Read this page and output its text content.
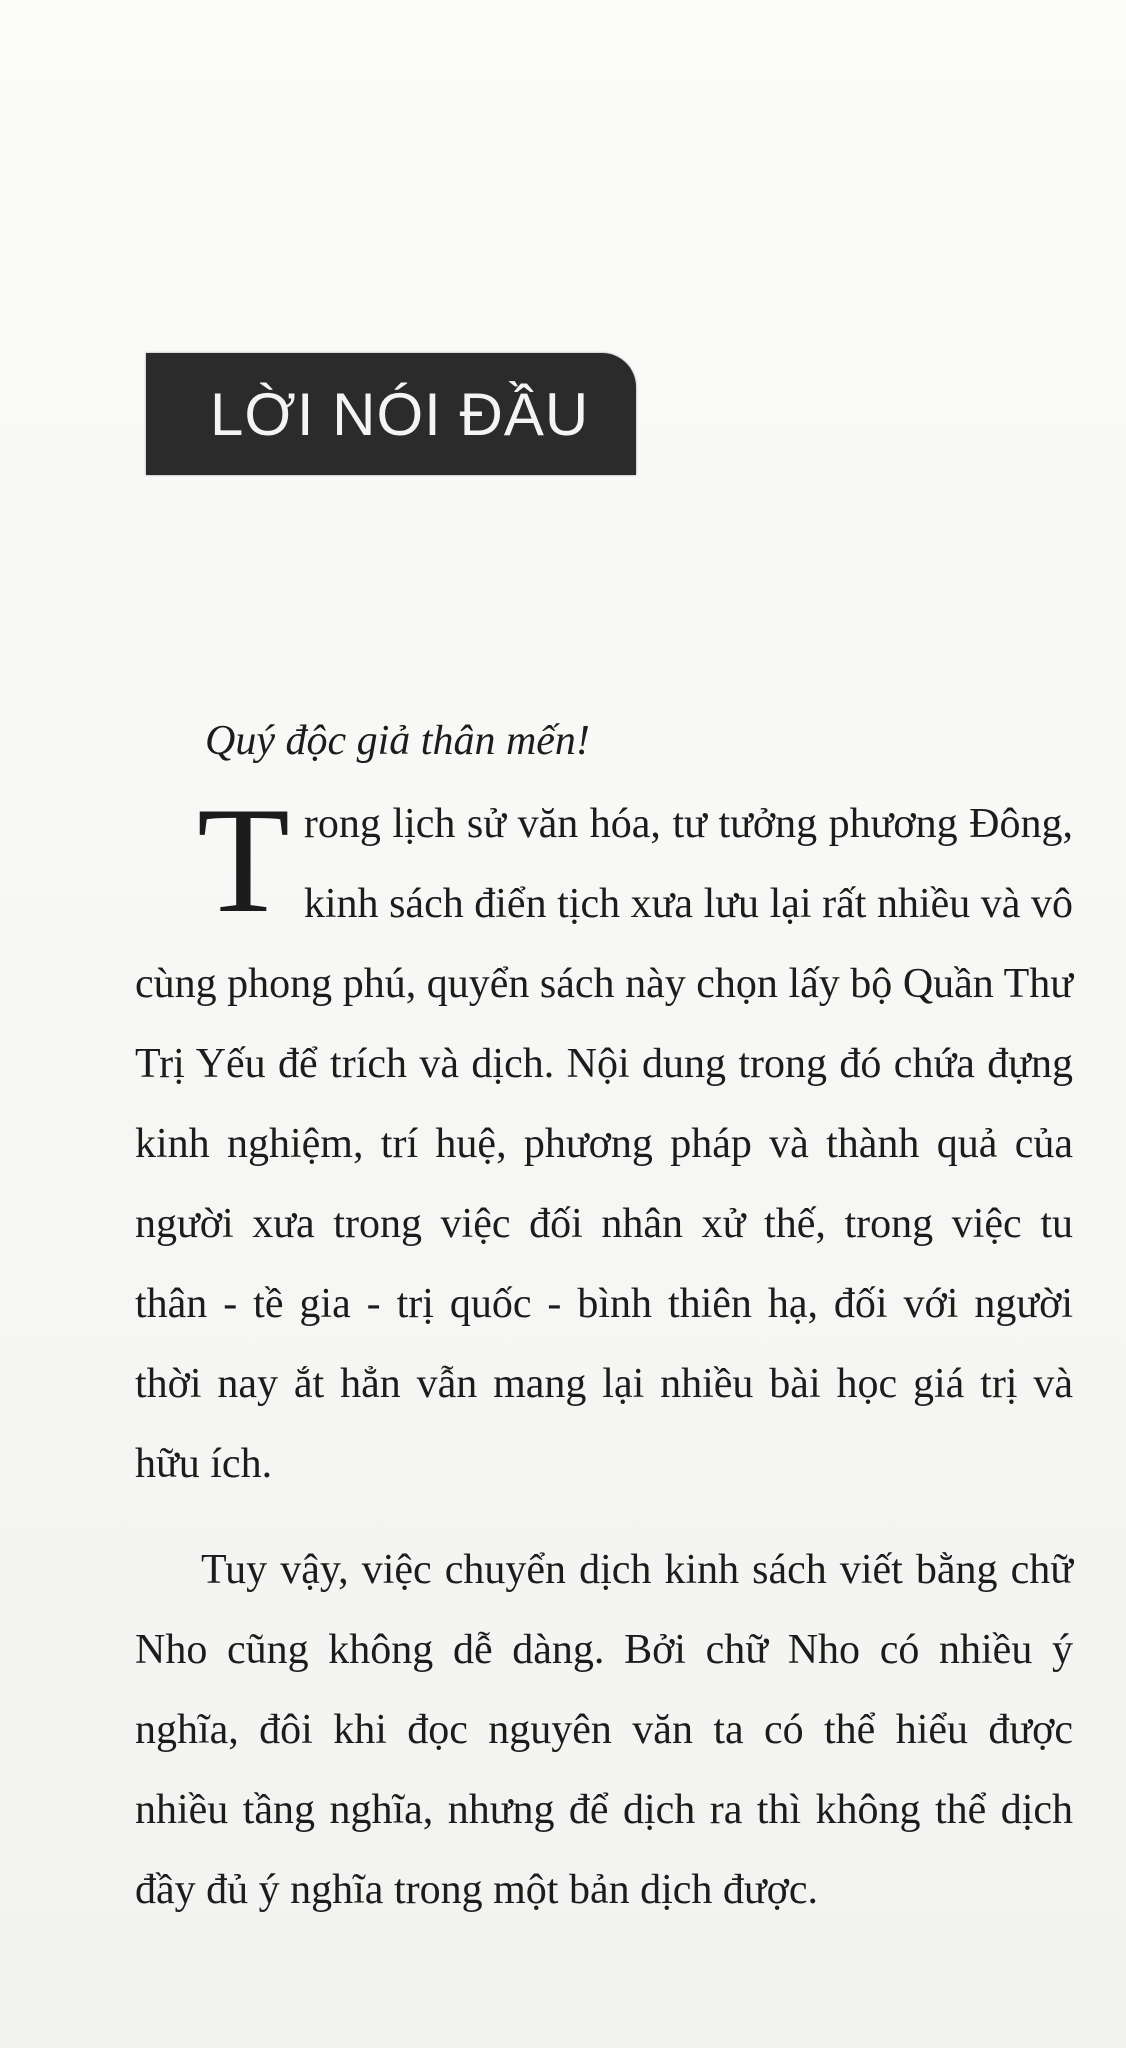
LỜI NÓI ĐẦU

Quý độc giả thân mến!

Trong lịch sử văn hóa, tư tưởng phương Đông, kinh sách điển tịch xưa lưu lại rất nhiều và vô cùng phong phú, quyển sách này chọn lấy bộ Quần Thư Trị Yếu để trích và dịch. Nội dung trong đó chứa đựng kinh nghiệm, trí huệ, phương pháp và thành quả của người xưa trong việc đối nhân xử thế, trong việc tu thân - tề gia - trị quốc - bình thiên hạ, đối với người thời nay ắt hẳn vẫn mang lại nhiều bài học giá trị và hữu ích.

Tuy vậy, việc chuyển dịch kinh sách viết bằng chữ Nho cũng không dễ dàng. Bởi chữ Nho có nhiều ý nghĩa, đôi khi đọc nguyên văn ta có thể hiểu được nhiều tầng nghĩa, nhưng để dịch ra thì không thể dịch đầy đủ ý nghĩa trong một bản dịch được.
